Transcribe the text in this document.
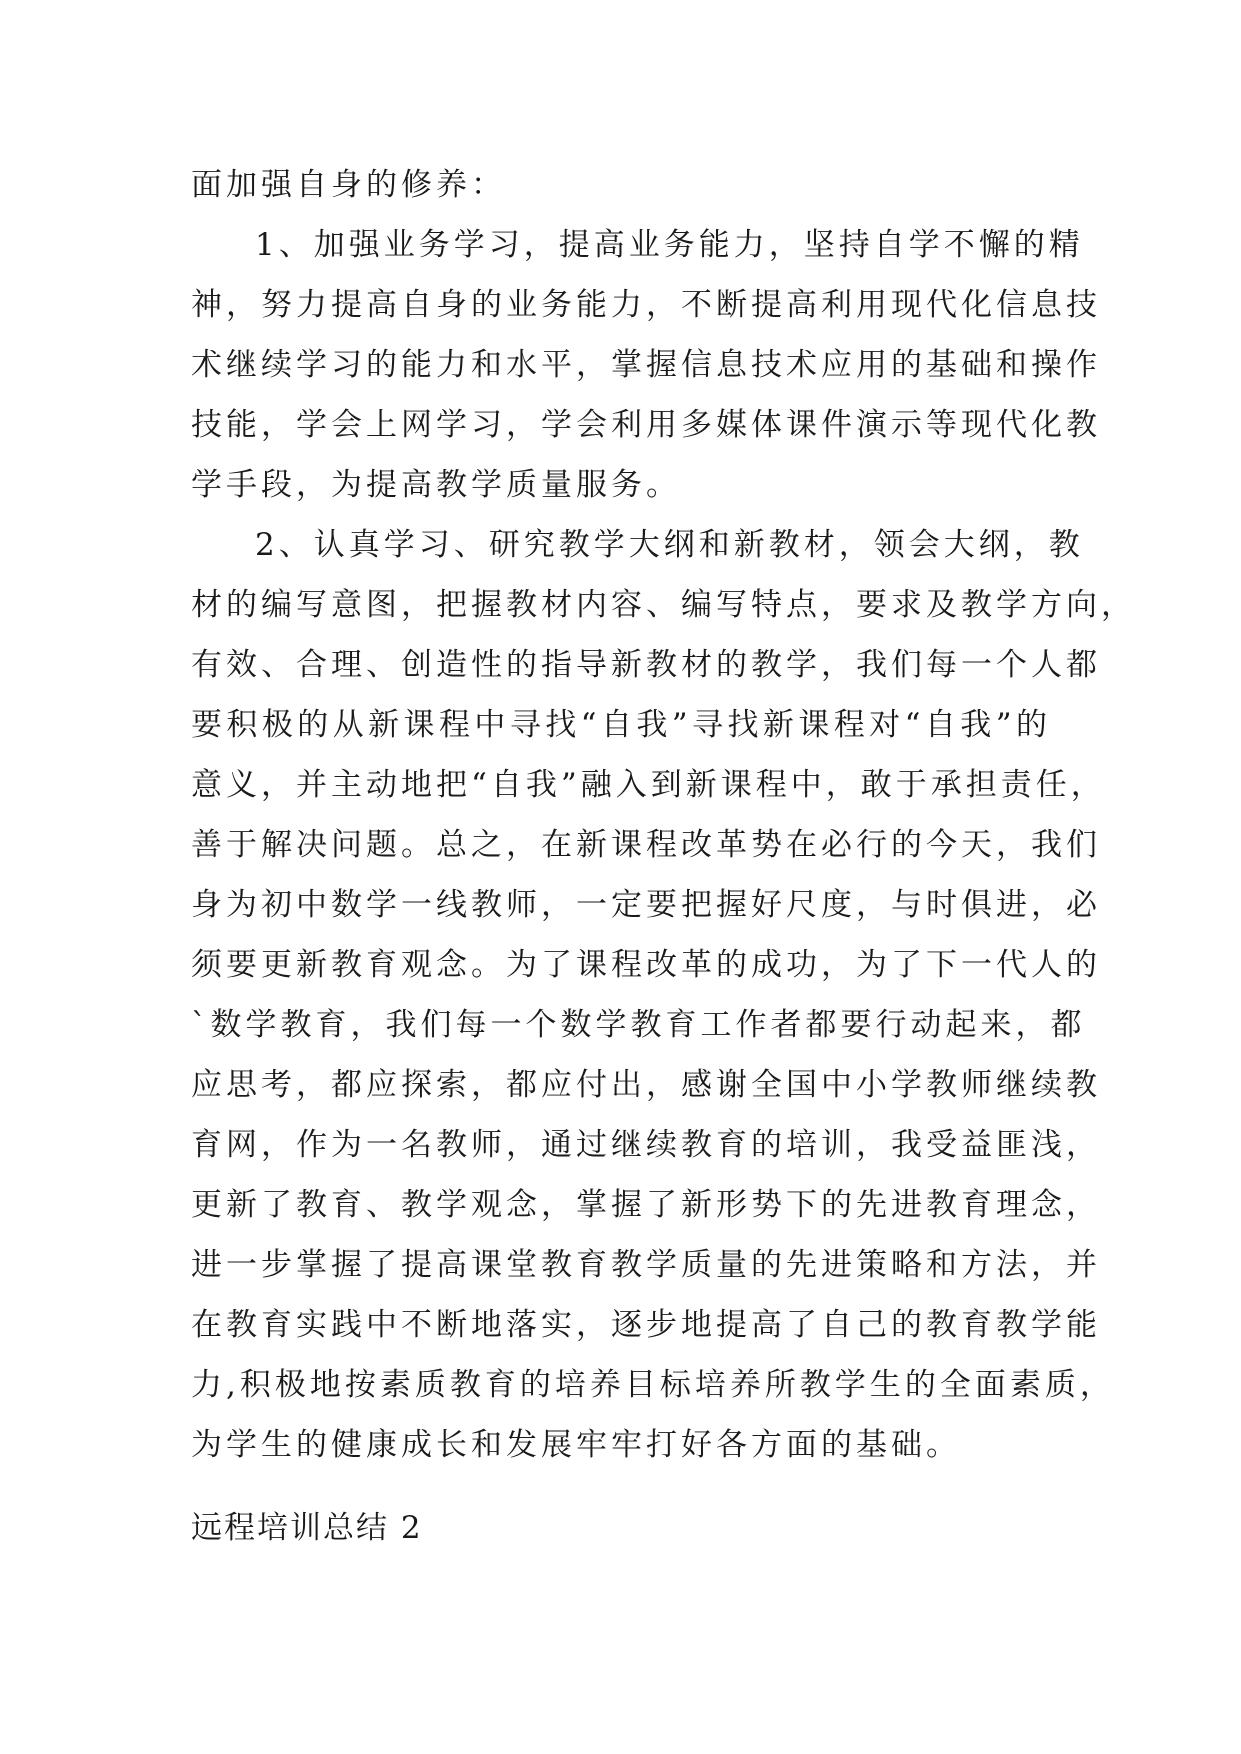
面加强自身的修养：
1、加强业务学习，提高业务能力，坚持自学不懈的精
神，努力提高自身的业务能力，不断提高利用现代化信息技
术继续学习的能力和水平，掌握信息技术应用的基础和操作
技能，学会上网学习，学会利用多媒体课件演示等现代化教
学手段，为提高教学质量服务。
2、认真学习、研究教学大纲和新教材，领会大纲，教
材的编写意图，把握教材内容、编写特点，要求及教学方向，
有效、合理、创造性的指导新教材的教学，我们每一个人都
要积极的从新课程中寻找“自我”寻找新课程对“自我”的
意义，并主动地把“自我”融入到新课程中，敢于承担责任，
善于解决问题。总之，在新课程改革势在必行的今天，我们
身为初中数学一线教师，一定要把握好尺度，与时俱进，必
须要更新教育观念。为了课程改革的成功，为了下一代人的
`数学教育，我们每一个数学教育工作者都要行动起来，都
应思考，都应探索，都应付出，感谢全国中小学教师继续教
育网，作为一名教师，通过继续教育的培训，我受益匪浅，
更新了教育、教学观念，掌握了新形势下的先进教育理念，
进一步掌握了提高课堂教育教学质量的先进策略和方法，并
在教育实践中不断地落实，逐步地提高了自己的教育教学能
力,积极地按素质教育的培养目标培养所教学生的全面素质，
为学生的健康成长和发展牢牢打好各方面的基础。
远程培训总结 2
